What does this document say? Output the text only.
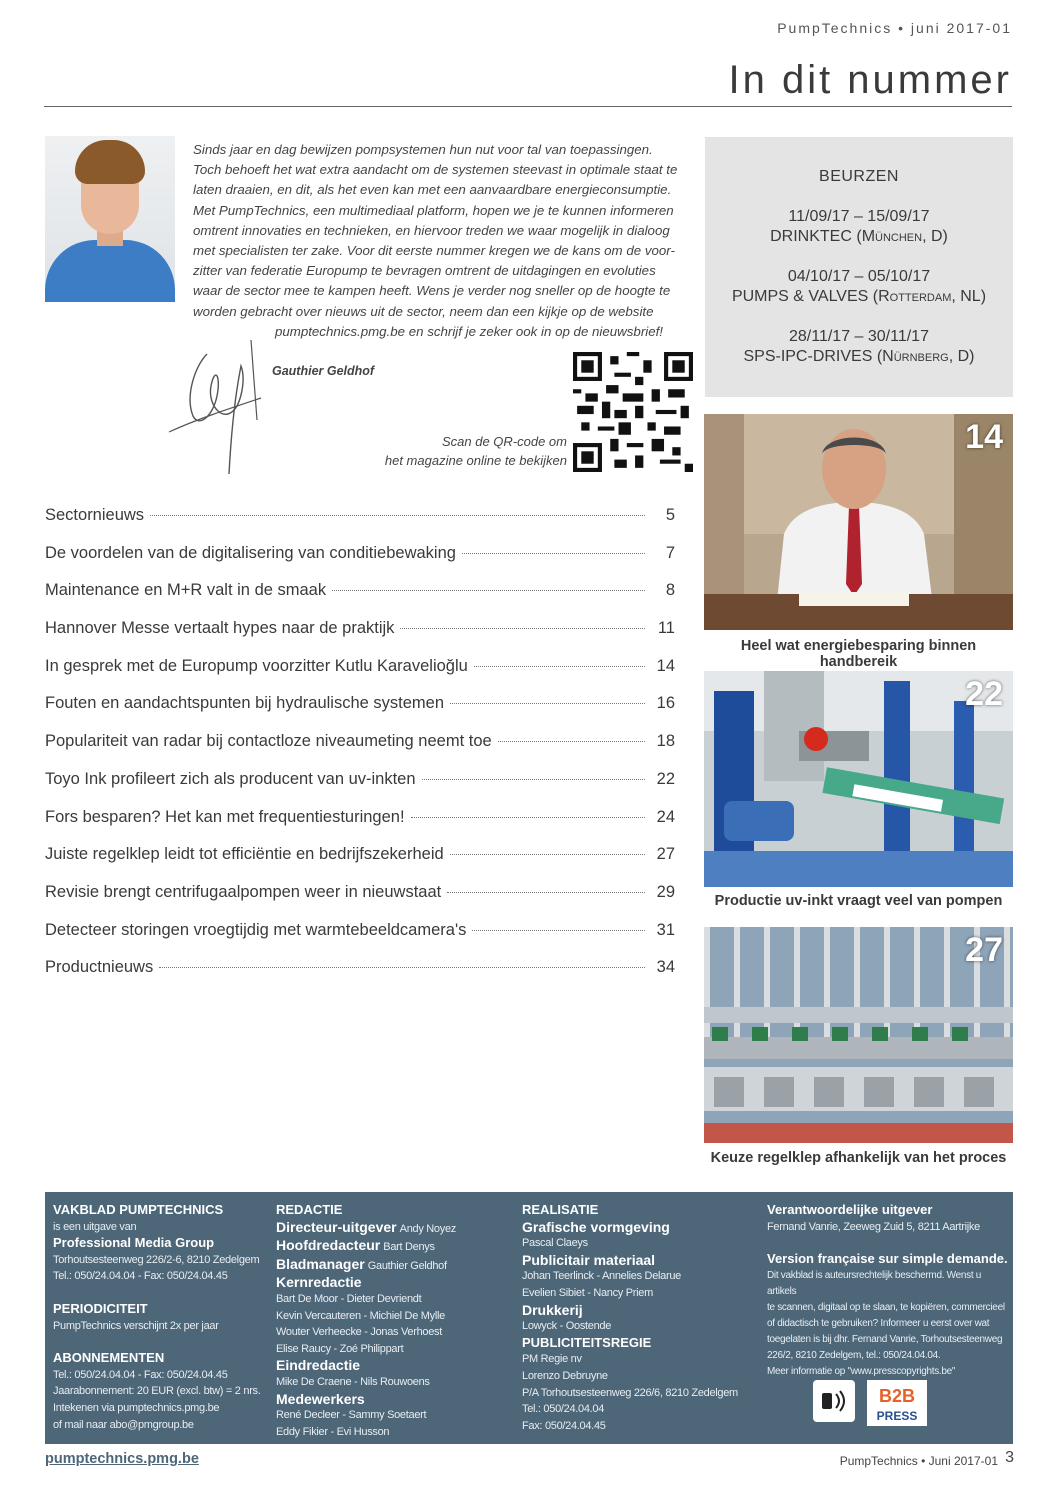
PumpTechnics • juni 2017-01
In dit nummer
Sinds jaar en dag bewijzen pompsystemen hun nut voor tal van toepassingen.
Toch behoeft het wat extra aandacht om de systemen steevast in optimale staat te
laten draaien, en dit, als het even kan met een aanvaardbare energieconsumptie.
Met PumpTechnics, een multimediaal platform, hopen we je te kunnen informeren
omtrent innovaties en technieken, en hiervoor treden we waar mogelijk in dialoog
met specialisten ter zake. Voor dit eerste nummer kregen we de kans om de voor-
zitter van federatie Europump te bevragen omtrent de uitdagingen en evoluties
waar de sector mee te kampen heeft. Wens je verder nog sneller op de hoogte te
worden gebracht over nieuws uit de sector, neem dan een kijkje op de website
pumptechnics.pmg.be en schrijf je zeker ook in op de nieuwsbrief!
Gauthier Geldhof
Scan de QR-code om
het magazine online te bekijken
BEURZEN
11/09/17 – 15/09/17
DRINKTEC (München, D)
04/10/17 – 05/10/17
PUMPS & VALVES (Rotterdam, NL)
28/11/17 – 30/11/17
SPS-IPC-DRIVES (Nürnberg, D)
Sectornieuws	5
De voordelen van de digitalisering van conditiebewaking	7
Maintenance en M+R valt in de smaak	8
Hannover Messe vertaalt hypes naar de praktijk	11
In gesprek met de Europump voorzitter Kutlu Karavelioğlu	14
Fouten en aandachtspunten bij hydraulische systemen	16
Populariteit van radar bij contactloze niveaumeting neemt toe	18
Toyo Ink profileert zich als producent van uv-inkten	22
Fors besparen? Het kan met frequentiesturingen!	24
Juiste regelklep leidt tot efficiëntie en bedrijfszekerheid	27
Revisie brengt centrifugaalpompen weer in nieuwstaat	29
Detecteer storingen vroegtijdig met warmtebeeldcamera's	31
Productnieuws	34
14
Heel wat energiebesparing binnen handbereik
22
Productie uv-inkt vraagt veel van pompen
27
Keuze regelklep afhankelijk van het proces
VAKBLAD PUMPTECHNICS
is een uitgave van
Professional Media Group
Torhoutsesteenweg 226/2-6, 8210 Zedelgem
Tel.: 050/24.04.04 - Fax: 050/24.04.45
PERIODICITEIT
PumpTechnics verschijnt 2x per jaar
ABONNEMENTEN
Tel.: 050/24.04.04 - Fax: 050/24.04.45
Jaarabonnement: 20 EUR (excl. btw) = 2 nrs.
Intekenen via pumptechnics.pmg.be
of mail naar abo@pmgroup.be
REDACTIE
Directeur-uitgever Andy Noyez
Hoofdredacteur Bart Denys
Bladmanager Gauthier Geldhof
Kernredactie
Bart De Moor - Dieter Devriendt
Kevin Vercauteren - Michiel De Mylle
Wouter Verheecke - Jonas Verhoest
Elise Raucy - Zoé Philippart
Eindredactie
Mike De Craene - Nils Rouwoens
Medewerkers
René Decleer - Sammy Soetaert
Eddy Fikier - Evi Husson
REALISATIE
Grafische vormgeving
Pascal Claeys
Publicitair materiaal
Johan Teerlinck - Annelies Delarue
Evelien Sibiet - Nancy Priem
Drukkerij
Lowyck - Oostende
PUBLICITEITSREGIE
PM Regie nv
Lorenzo Debruyne
P/A Torhoutsesteenweg 226/6, 8210 Zedelgem
Tel.: 050/24.04.04
Fax: 050/24.04.45
Verantwoordelijke uitgever
Fernand Vanrie, Zeeweg Zuid 5, 8211 Aartrijke
Version française sur simple demande.
Dit vakblad is auteursrechtelijk beschermd. Wenst u artikels
te scannen, digitaal op te slaan, te kopiëren, commercieel
of didactisch te gebruiken? Informeer u eerst over wat
toegelaten is bij dhr. Fernand Vanrie, Torhoutsesteenweg
226/2, 8210 Zedelgem, tel.: 050/24.04.04.
Meer informatie op "www.presscopyrights.be"
B2B
PRESS
pumptechnics.pmg.be	PumpTechnics • Juni 2017-01 3
